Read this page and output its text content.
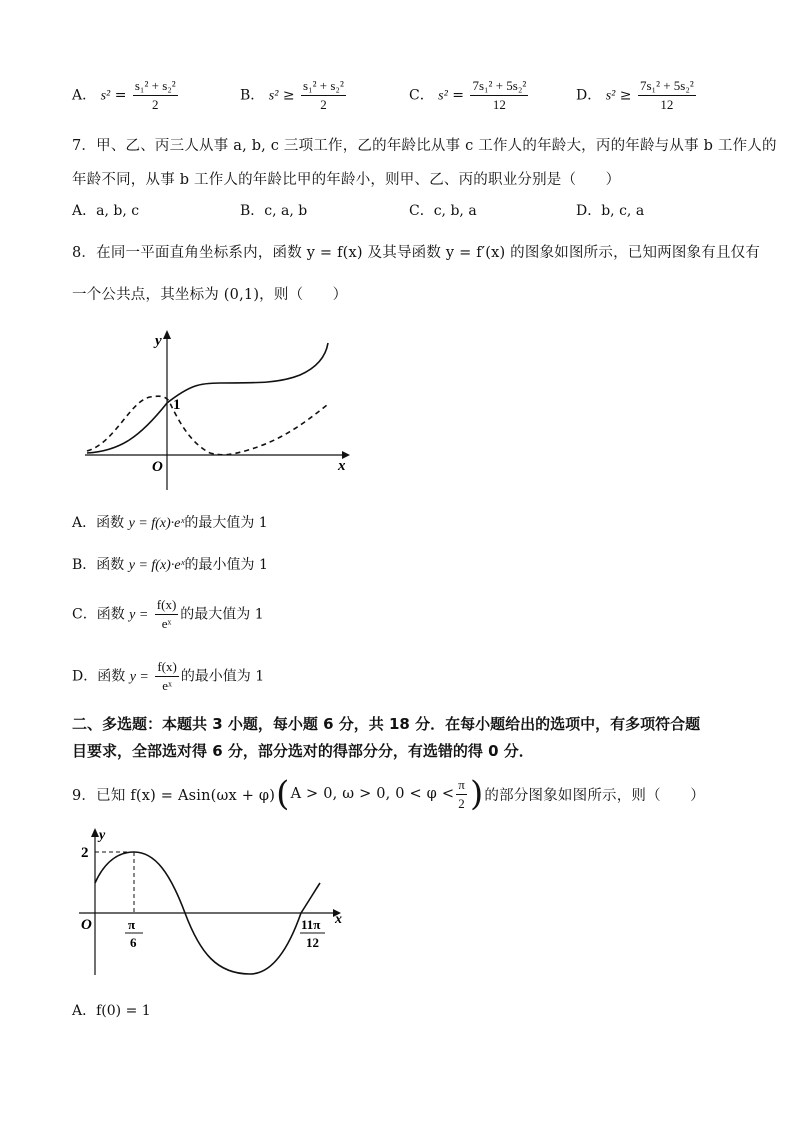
A． $s^2 = \frac{\text{s₁² + s₂²}}{2}$	B． $s^2 \ge \frac{\text{s₁² + s₂²}}{2}$	C． $s^2 = \frac{\text{7s₁² + 5s₂²}}{12}$	D． $s^2 \ge \frac{\text{7s₁² + 5s₂²}}{12}$
7．甲、乙、丙三人从事 a, b, c 三项工作，乙的年龄比从事 c 工作人的年龄大，丙的年龄与从事 b 工作人的
年龄不同，从事 b 工作人的年龄比甲的年龄小，则甲、乙、丙的职业分别是（　　）
A．a, b, c	B．c, a, b	C．c, b, a	D．b, c, a
8．在同一平面直角坐标系内，函数 y = f(x) 及其导函数 y = f′(x) 的图象如图所示，已知两图象有且仅有
一个公共点，其坐标为 (0,1)，则（　　）
y
x
O
1
A．函数 y = f(x)·eˣ的最大值为 1
B．函数 y = f(x)·eˣ的最小值为 1
C．函数 $y = \frac{f(x)}{\text{eˣ}}$ 的最大值为 1
D．函数 $y = \frac{f(x)}{\text{eˣ}}$ 的最小值为 1
二、多选题：本题共 3 小题，每小题 6 分，共 18 分．在每小题给出的选项中，有多项符合题
目要求，全部选对得 6 分，部分选对的得部分分，有选错的得 0 分．
9．已知 f(x) = Asin(ωx + φ) ( A > 0, ω > 0, $0 < \varphi < \frac{\pi}{2}$ ) 的部分图象如图所示，则（　　）
y
2
O	x
π
6
11π
12
A．f(0) = 1
